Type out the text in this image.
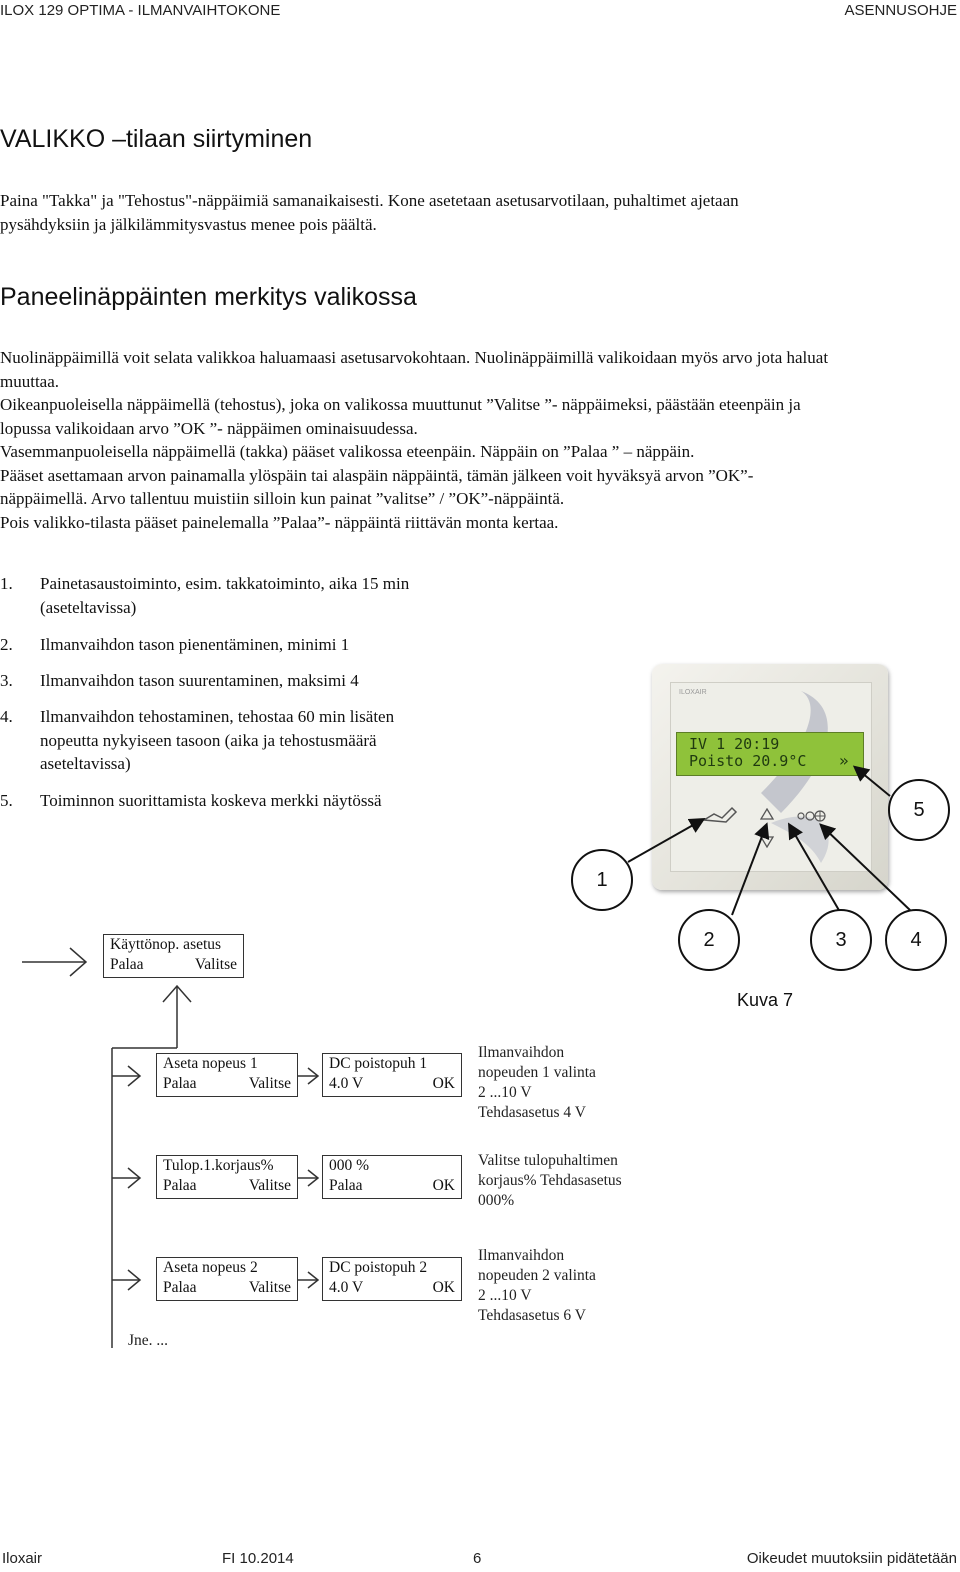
ILOX 129 OPTIMA - ILMANVAIHTOKONE	ASENNUSOHJE
VALIKKO –tilaan siirtyminen

Paina "Takka" ja "Tehostus"-näppäimiä samanaikaisesti. Kone asetetaan asetusarvotilaan, puhaltimet ajetaan

pysähdyksiin ja jälkilämmitysvastus menee pois päältä.

Paneelinäppäinten merkitys valikossa

Nuolinäppäimillä voit selata valikkoa haluamaasi asetusarvokohtaan. Nuolinäppäimillä valikoidaan myös arvo jota haluat

muuttaa.

Oikeanpuoleisella näppäimellä (tehostus), joka on valikossa muuttunut ”Valitse ”- näppäimeksi, päästään eteenpäin ja

lopussa valikoidaan arvo ”OK ”- näppäimen ominaisuudessa.

Vasemmanpuoleisella näppäimellä (takka) pääset valikossa eteenpäin. Näppäin on ”Palaa ” – näppäin.

Pääset asettamaan arvon painamalla ylöspäin tai alaspäin näppäintä, tämän jälkeen voit hyväksyä arvon ”OK”-

näppäimellä. Arvo tallentuu muistiin silloin kun painat ”valitse” / ”OK”-näppäintä.

Pois valikko-tilasta pääset painelemalla ”Palaa”- näppäintä riittävän monta kertaa.

1. Painetasaustoiminto, esim. takkatoiminto, aika 15 min
(aseteltavissa)
2. Ilmanvaihdon tason pienentäminen, minimi 1
3. Ilmanvaihdon tason suurentaminen, maksimi 4
4. Ilmanvaihdon tehostaminen, tehostaa 60 min lisäten
nopeutta nykyiseen tasoon (aika ja tehostusmäärä
aseteltavissa)
5. Toiminnon suorittamista koskeva merkki näytössä
ILOXAIR
IV 1 20:19
Poisto 20.9°C »
1
2	3	4
5
Kuva 7
Käyttönop. asetus
Palaa	Valitse
Aseta nopeus 1
Palaa	Valitse
DC poistopuh 1
4.0 V	OK
Ilmanvaihdon
nopeuden 1 valinta
2 ...10 V
Tehdasasetus 4 V
Tulop.1.korjaus%
Palaa	Valitse
000 %
Palaa	OK
Valitse tulopuhaltimen
korjaus% Tehdasasetus
000%
Aseta nopeus 2
Palaa	Valitse
DC poistopuh 2
4.0 V	OK
Ilmanvaihdon
nopeuden 2 valinta
2 ...10 V
Tehdasasetus 6 V
Jne. ...
Iloxair	FI 10.2014	6	Oikeudet muutoksiin pidätetään
